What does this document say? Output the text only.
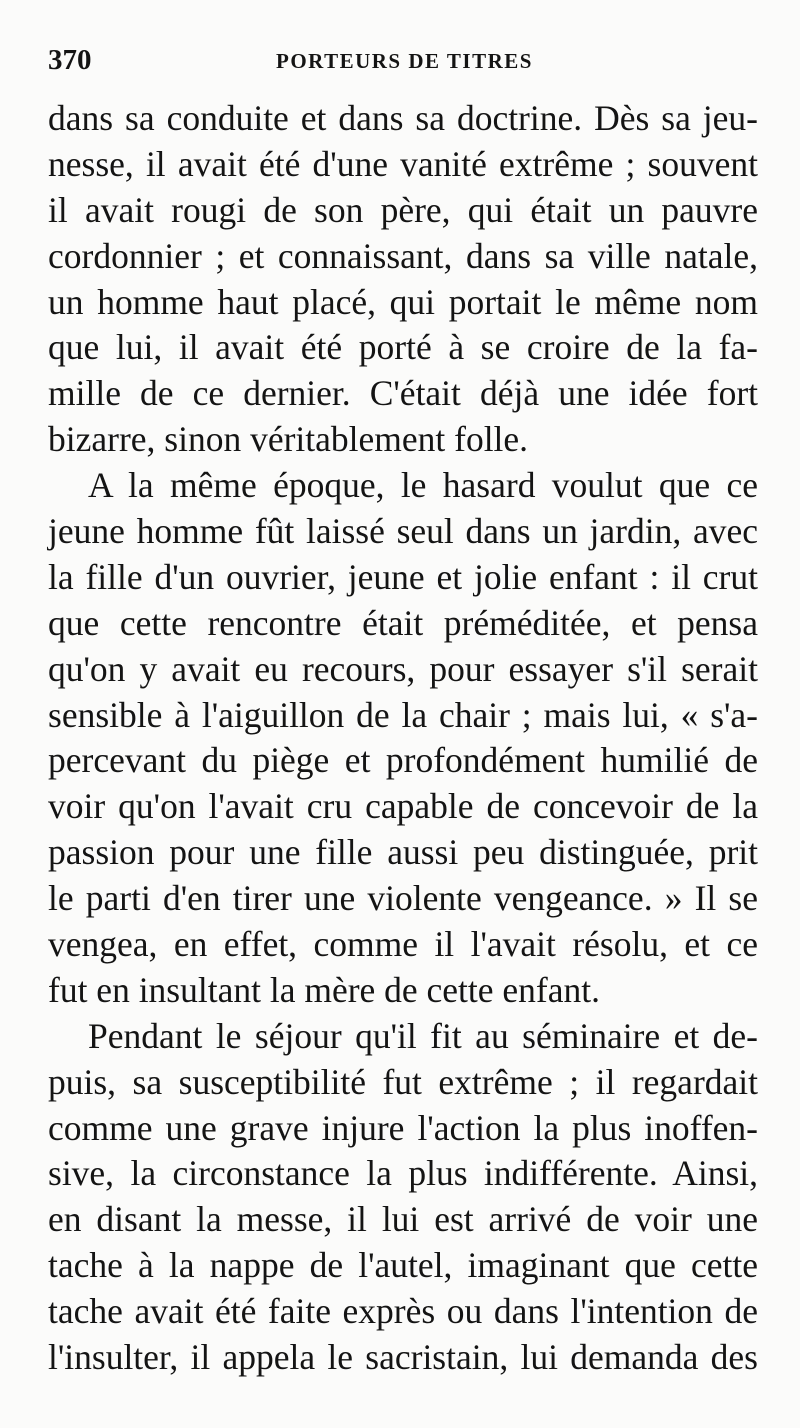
370	PORTEURS DE TITRES
dans sa conduite et dans sa doctrine. Dès sa jeu-
nesse, il avait été d'une vanité extrême ; souvent
il avait rougi de son père, qui était un pauvre
cordonnier ; et connaissant, dans sa ville natale,
un homme haut placé, qui portait le même nom
que lui, il avait été porté à se croire de la fa-
mille de ce dernier. C'était déjà une idée fort
bizarre, sinon véritablement folle.
A la même époque, le hasard voulut que ce
jeune homme fût laissé seul dans un jardin, avec
la fille d'un ouvrier, jeune et jolie enfant : il crut
que cette rencontre était préméditée, et pensa
qu'on y avait eu recours, pour essayer s'il serait
sensible à l'aiguillon de la chair ; mais lui, « s'a-
percevant du piège et profondément humilié de
voir qu'on l'avait cru capable de concevoir de la
passion pour une fille aussi peu distinguée, prit
le parti d'en tirer une violente vengeance. » Il se
vengea, en effet, comme il l'avait résolu, et ce
fut en insultant la mère de cette enfant.
Pendant le séjour qu'il fit au séminaire et de-
puis, sa susceptibilité fut extrême ; il regardait
comme une grave injure l'action la plus inoffen-
sive, la circonstance la plus indifférente. Ainsi,
en disant la messe, il lui est arrivé de voir une
tache à la nappe de l'autel, imaginant que cette
tache avait été faite exprès ou dans l'intention de
l'insulter, il appela le sacristain, lui demanda des
